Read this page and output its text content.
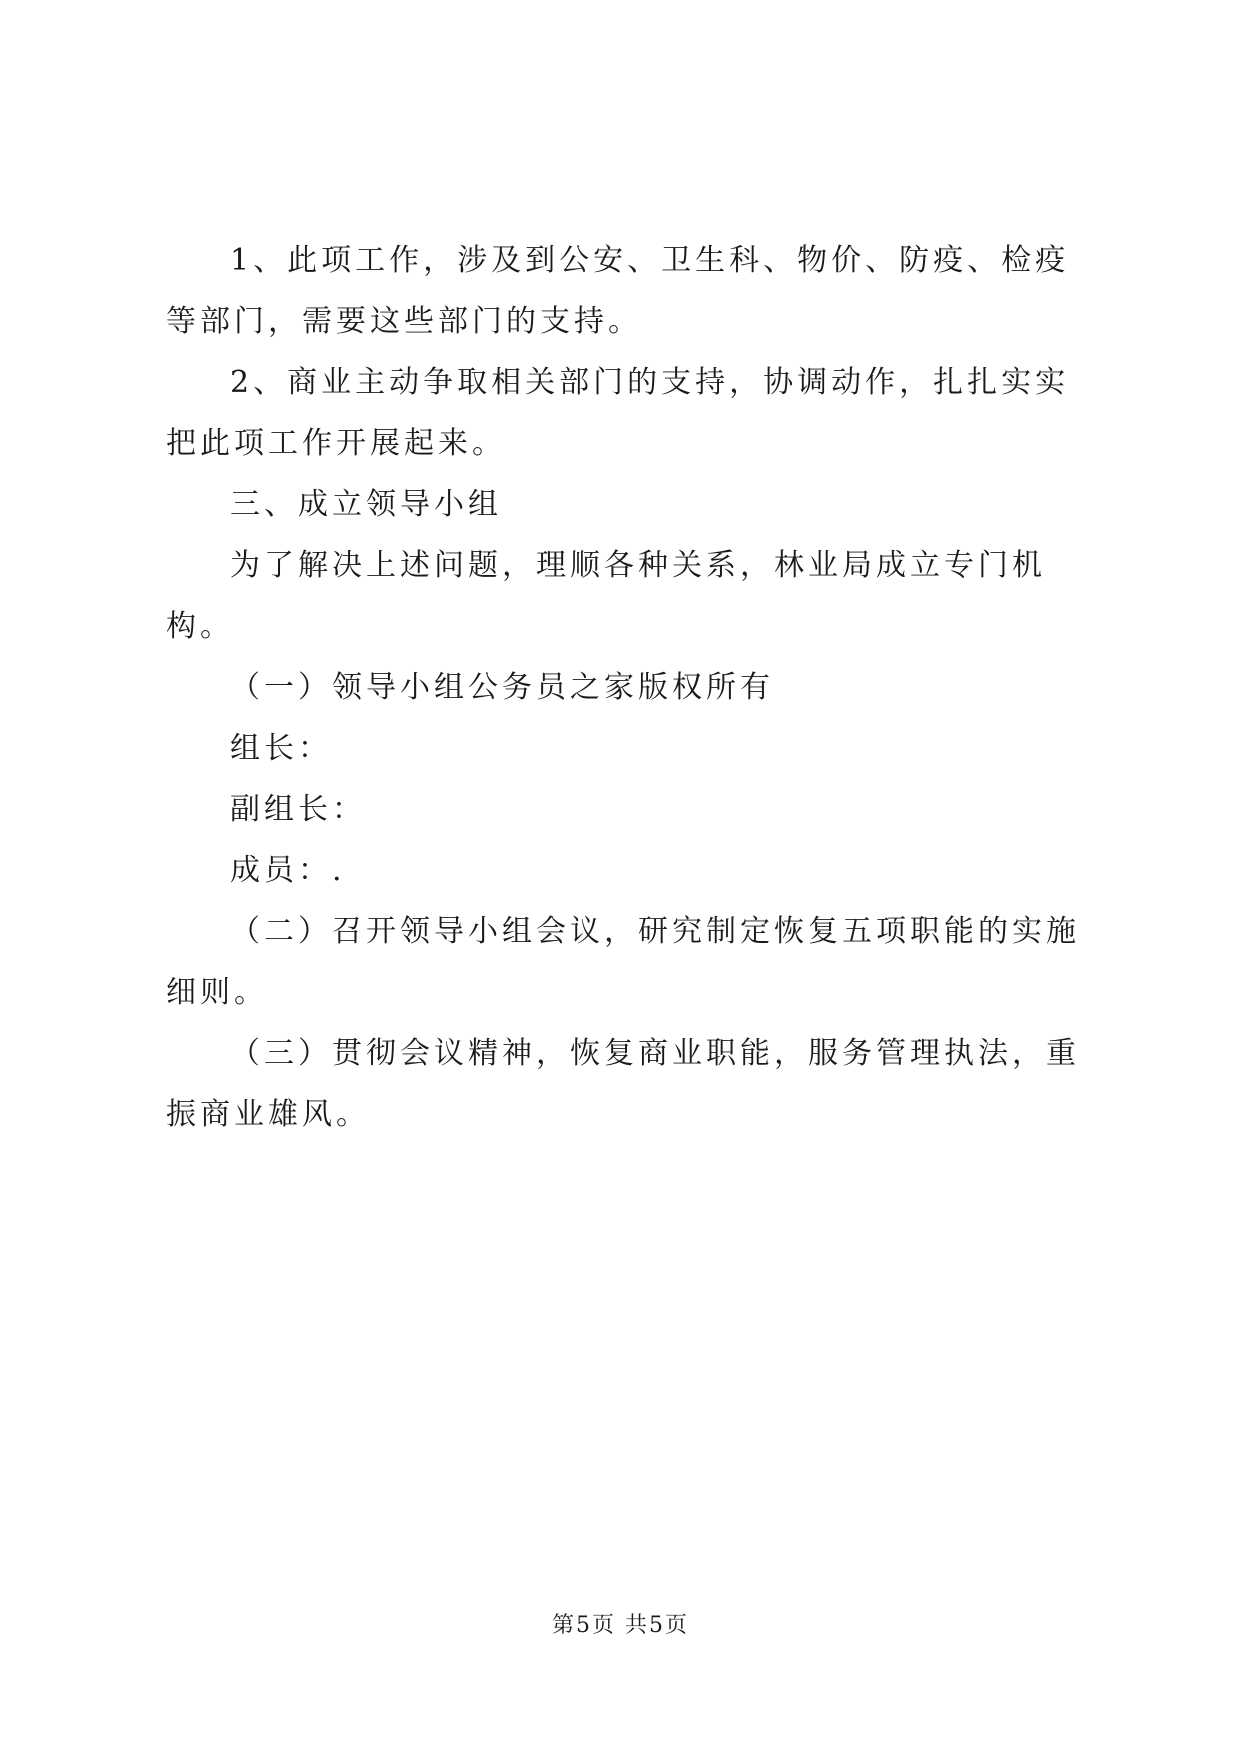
1、此项工作，涉及到公安、卫生科、物价、防疫、检疫等部门，需要这些部门的支持。

2、商业主动争取相关部门的支持，协调动作，扎扎实实把此项工作开展起来。

三、成立领导小组

为了解决上述问题，理顺各种关系，林业局成立专门机构。

（一）领导小组公务员之家版权所有

组长：

副组长：

成员：.

（二）召开领导小组会议，研究制定恢复五项职能的实施细则。

（三）贯彻会议精神，恢复商业职能，服务管理执法，重振商业雄风。

第5页 共5页
